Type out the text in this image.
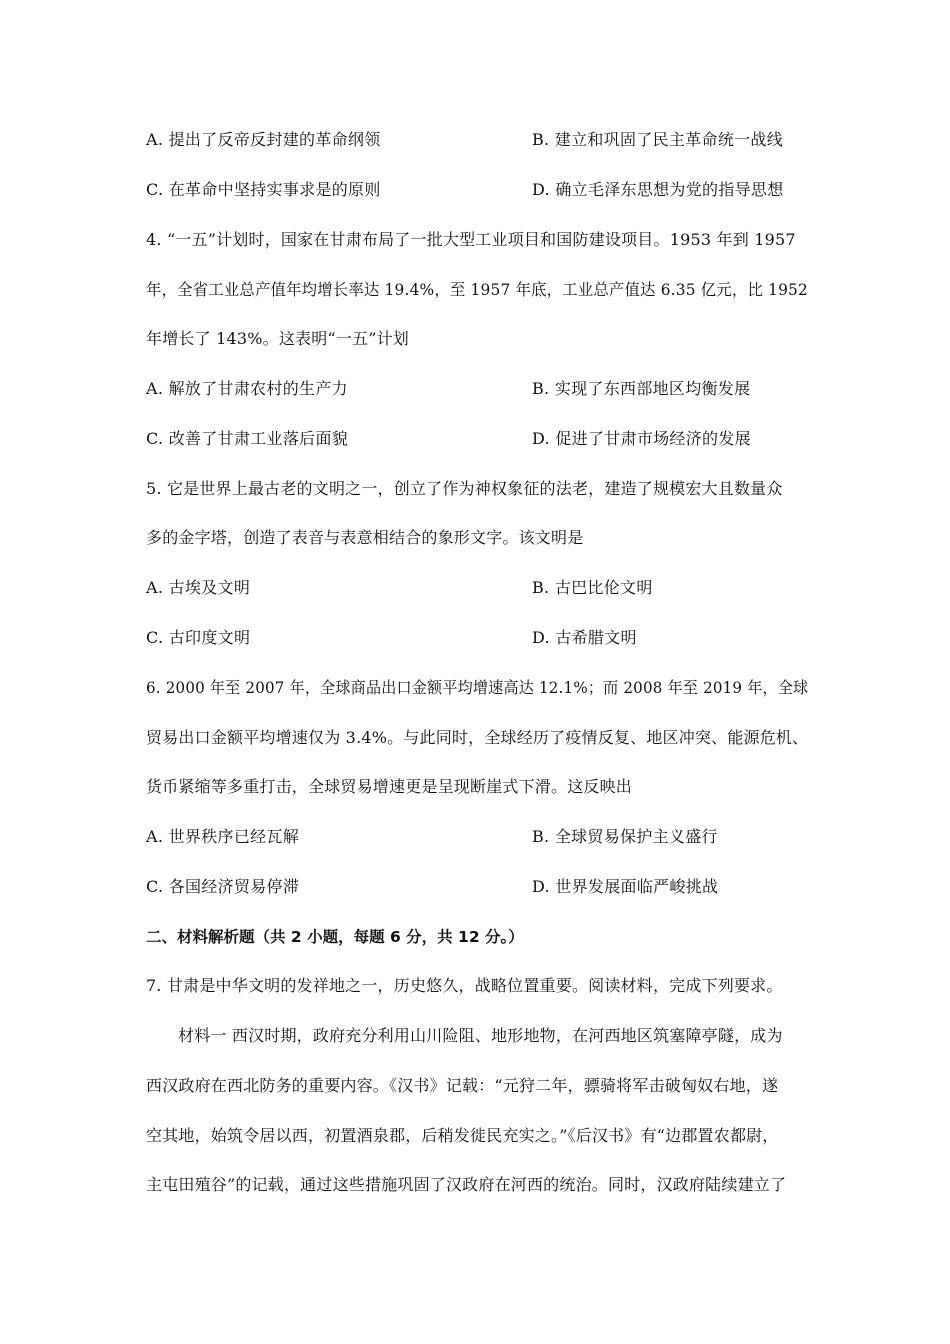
A. 提出了反帝反封建的革命纲领	B. 建立和巩固了民主革命统一战线
C. 在革命中坚持实事求是的原则	D. 确立毛泽东思想为党的指导思想
4. “一五”计划时，国家在甘肃布局了一批大型工业项目和国防建设项目。1953 年到 1957
年，全省工业总产值年均增长率达 19.4%，至 1957 年底，工业总产值达 6.35 亿元，比 1952
年增长了 143%。这表明“一五”计划
A. 解放了甘肃农村的生产力	B. 实现了东西部地区均衡发展
C. 改善了甘肃工业落后面貌	D. 促进了甘肃市场经济的发展
5. 它是世界上最古老的文明之一，创立了作为神权象征的法老，建造了规模宏大且数量众
多的金字塔，创造了表音与表意相结合的象形文字。该文明是
A. 古埃及文明	B. 古巴比伦文明
C. 古印度文明	D. 古希腊文明
6. 2000 年至 2007 年，全球商品出口金额平均增速高达 12.1%；而 2008 年至 2019 年，全球
贸易出口金额平均增速仅为 3.4%。与此同时，全球经历了疫情反复、地区冲突、能源危机、
货币紧缩等多重打击，全球贸易增速更是呈现断崖式下滑。这反映出
A. 世界秩序已经瓦解	B. 全球贸易保护主义盛行
C. 各国经济贸易停滞	D. 世界发展面临严峻挑战
二、材料解析题（共 2 小题，每题 6 分，共 12 分。）
7. 甘肃是中华文明的发祥地之一，历史悠久，战略位置重要。阅读材料，完成下列要求。
材料一 西汉时期，政府充分利用山川险阻、地形地物，在河西地区筑塞障亭隧，成为
西汉政府在西北防务的重要内容。《汉书》记载：“元狩二年，骠骑将军击破匈奴右地，遂
空其地，始筑令居以西，初置酒泉郡，后稍发徙民充实之。”《后汉书》有“边郡置农都尉，
主屯田殖谷”的记载，通过这些措施巩固了汉政府在河西的统治。同时，汉政府陆续建立了
